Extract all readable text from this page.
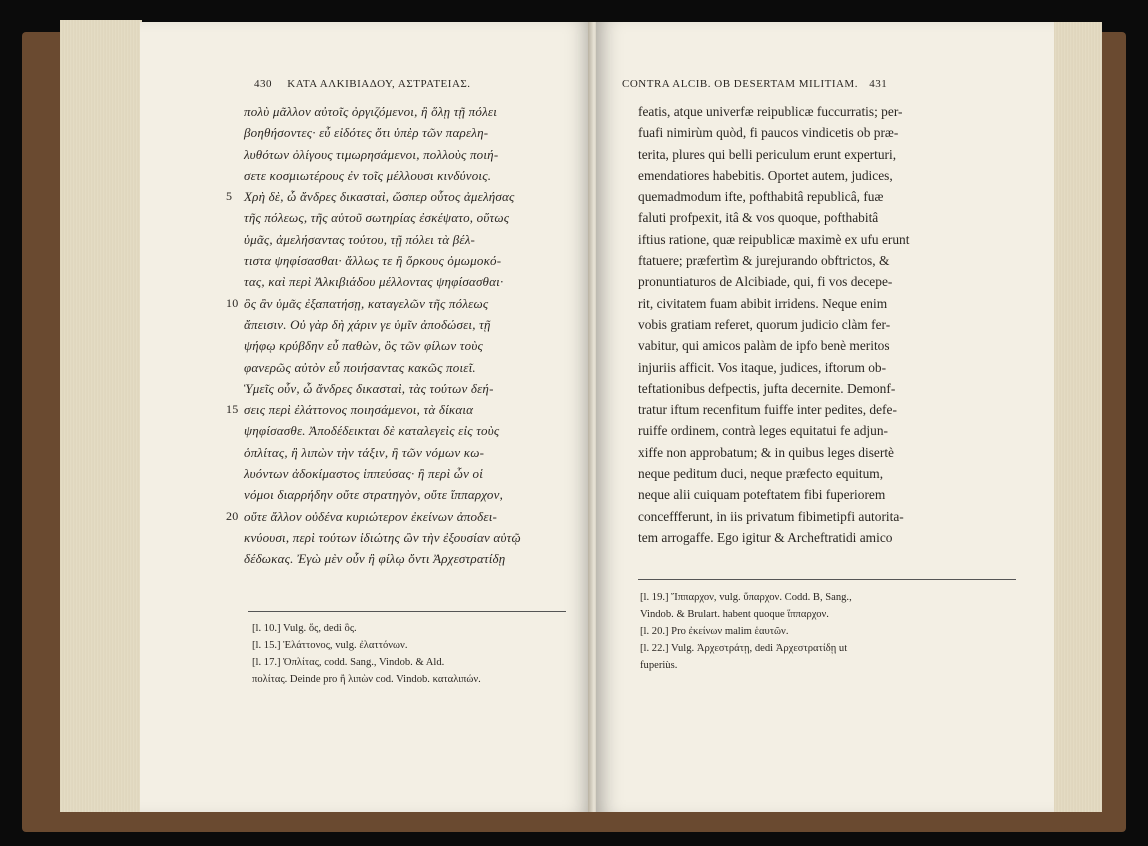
430 ΚΑΤΑ ΑΛΚΙΒΙΑΔΟΥ, ΑΣΤΡΑΤΕΙΑΣ.
πολὺ μᾶλλον αὐτοῖς ὀργιζόμενοι, ἢ ὅλῃ τῇ πόλει
βοηθήσοντες· εὖ εἰδότες ὅτι ὑπὲρ τῶν παρελη-
λυθότων ὀλίγους τιμωρησάμενοι, πολλοὺς ποιή-
σετε κοσμιωτέρους ἐν τοῖς μέλλουσι κινδύνοις.
5 Χρὴ δὲ, ὦ ἄνδρες δικασταὶ, ὥσπερ οὗτος ἀμελήσας
τῆς πόλεως, τῆς αὑτοῦ σωτηρίας ἐσκέψατο, οὕτως
ὑμᾶς, ἀμελήσαντας τούτου, τῇ πόλει τὰ βέλ-
τιστα ψηφίσασθαι· ἄλλως τε ἢ ὅρκους ὀμωμοκό-
τας, καὶ περὶ Ἀλκιβιάδου μέλλοντας ψηφίσασθαι·
10 ὃς ἂν ὑμᾶς ἐξαπατήσῃ, καταγελῶν τῆς πόλεως
ἄπεισιν. Οὐ γὰρ δὴ χάριν γε ὑμῖν ἀποδώσει, τῇ
ψήφῳ κρύβδην εὖ παθὼν, ὃς τῶν φίλων τοὺς
φανερῶς αὐτὸν εὖ ποιήσαντας κακῶς ποιεῖ.
Ὑμεῖς οὖν, ὦ ἄνδρες δικασταὶ, τὰς τούτων δεή-
15 σεις περὶ ἐλάττονος ποιησάμενοι, τὰ δίκαια
ψηφίσασθε. Ἀποδέδεικται δὲ καταλεγεὶς εἰς τοὺς
ὁπλίτας, ἢ λιπὼν τὴν τάξιν, ἢ τῶν νόμων κω-
λυόντων ἀδοκίμαστος ἱππεύσας· ἢ περὶ ὧν οἱ
νόμοι διαρρήδην οὔτε στρατηγὸν, οὔτε ἵππαρχον,
20 οὔτε ἄλλον οὐδένα κυριώτερον ἐκείνων ἀποδει-
κνύουσι, περὶ τούτων ἰδιώτης ὢν τὴν ἐξουσίαν αὑτῷ
δέδωκας. Ἐγὼ μὲν οὖν ἢ φίλῳ ὄντι Ἀρχεστρατίδῃ
[l. 10.] Vulg. ὅς, dedi ὃς.
[l. 15.] Ἐλάττονος, vulg. ἐλαττόνων.
[l. 17.] Ὁπλίτας, codd. Sang., Vindob. & Ald.
πολίτας. Deinde pro ἢ λιπὼν cod. Vindob. καταλιπών.
CONTRA ALCIB. OB DESERTAM MILITIAM. 431
featis, atque univerfæ reipublicæ fuccurratis; per-
fuafi nimirùm quòd, fi paucos vindicetis ob præ-
terita, plures qui belli periculum erunt experturi,
emendatiores habebitis. Oportet autem, judices,
quemadmodum ifte, pofthabitâ republicâ, fuæ
faluti profpexit, itâ & vos quoque, pofthabitâ
iftius ratione, quæ reipublicæ maximè ex ufu erunt
ftatuere; præfertìm & jurejurando obftrictos, &
pronuntiaturos de Alcibiade, qui, fi vos decepe-
rit, civitatem fuam abibit irridens. Neque enim
vobis gratiam referet, quorum judicio clàm fer-
vabitur, qui amicos palàm de ipfo benè meritos
injuriis afficit. Vos itaque, judices, iftorum ob-
teftationibus defpectis, jufta decernite. Demonf-
tratur iftum recenfitum fuiffe inter pedites, defe-
ruiffe ordinem, contrà leges equitatui fe adjun-
xiffe non approbatum; & in quibus leges disertè
neque peditum duci, neque præfecto equitum,
neque alii cuiquam poteftatem fibi fuperiorem
conceffferunt, in iis privatum fibimetipfi autorita-
tem arrogaffe. Ego igitur & Archeftratidi amico
[l. 19.] Ἵππαρχον, vulg. ὕπαρχον. Codd. B, Sang.,
Vindob. & Brulart. habent quoque ἵππαρχον.
[l. 20.] Pro ἐκείνων malim ἑαυτῶν.
[l. 22.] Vulg. Ἀρχεστράτῃ, dedi Ἀρχεστρατίδῃ ut
fuperiùs.
